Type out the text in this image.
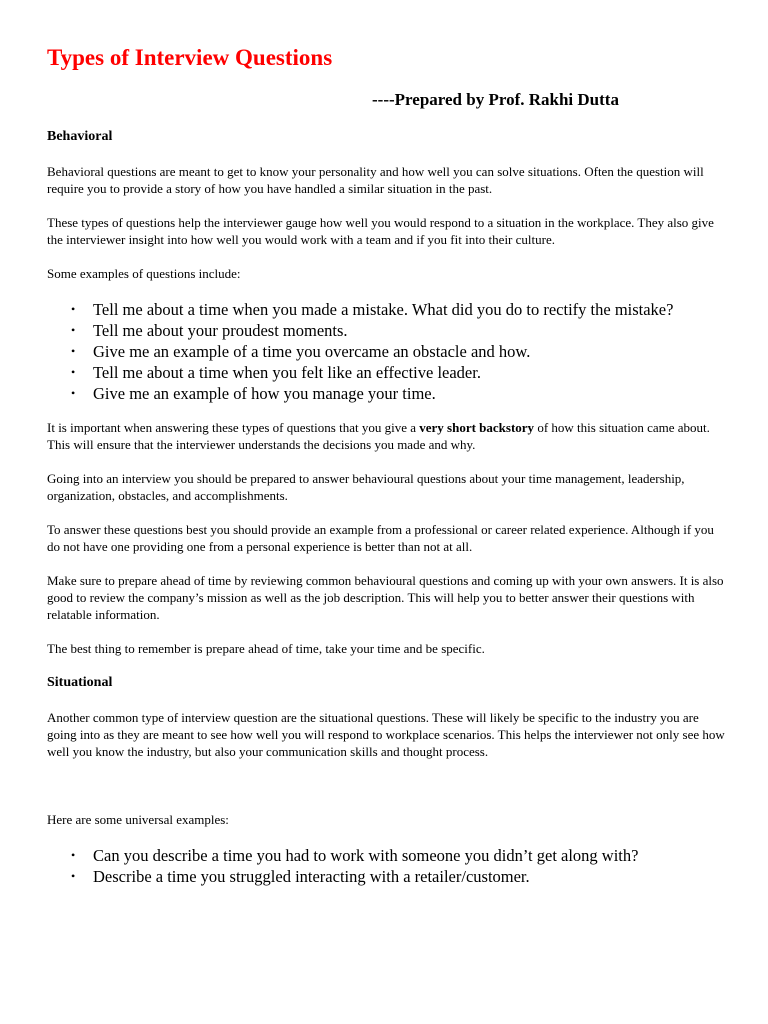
Types of Interview Questions
----Prepared by Prof. Rakhi Dutta
Behavioral

Behavioral questions are meant to get to know your personality and how well you can solve situations. Often the question will require you to provide a story of how you have handled a similar situation in the past.

These types of questions help the interviewer gauge how well you would respond to a situation in the workplace. They also give the interviewer insight into how well you would work with a team and if you fit into their culture.

Some examples of questions include:

• Tell me about a time when you made a mistake. What did you do to rectify the mistake?
• Tell me about your proudest moments.
• Give me an example of a time you overcame an obstacle and how.
• Tell me about a time when you felt like an effective leader.
• Give me an example of how you manage your time.

It is important when answering these types of questions that you give a very short backstory of how this situation came about. This will ensure that the interviewer understands the decisions you made and why.

Going into an interview you should be prepared to answer behavioural questions about your time management, leadership, organization, obstacles, and accomplishments.

To answer these questions best you should provide an example from a professional or career related experience. Although if you do not have one providing one from a personal experience is better than not at all.

Make sure to prepare ahead of time by reviewing common behavioural questions and coming up with your own answers. It is also good to review the company’s mission as well as the job description. This will help you to better answer their questions with relatable information.

The best thing to remember is prepare ahead of time, take your time and be specific.

Situational

Another common type of interview question are the situational questions. These will likely be specific to the industry you are going into as they are meant to see how well you will respond to workplace scenarios. This helps the interviewer not only see how well you know the industry, but also your communication skills and thought process.

Here are some universal examples:

• Can you describe a time you had to work with someone you didn’t get along with?
• Describe a time you struggled interacting with a retailer/customer.
